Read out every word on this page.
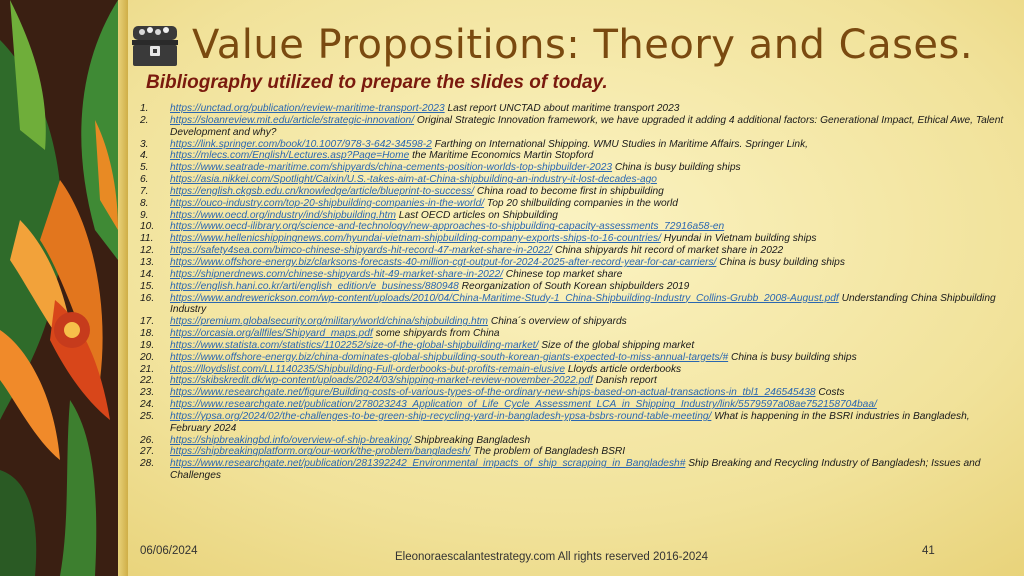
Value Propositions: Theory and Cases.
Bibliography utilized to prepare the slides of today.
1. https://unctad.org/publication/review-maritime-transport-2023 Last report UNCTAD about maritime transport 2023
2. https://sloanreview.mit.edu/article/strategic-innovation/ Original Strategic Innovation framework, we have upgraded it adding 4 additional factors: Generational Impact, Ethical Awe, Talent Development and why?
3. https://link.springer.com/book/10.1007/978-3-642-34598-2 Farthing on International Shipping. WMU Studies in Maritime Affairs. Springer Link,
4. https://mlecs.com/English/Lectures.asp?Page=Home the Maritime Economics Martin Stopford
5. https://www.seatrade-maritime.com/shipyards/china-cements-position-worlds-top-shipbuilder-2023 China is busy building ships
6. https://asia.nikkei.com/Spotlight/Caixin/U.S.-takes-aim-at-China-shipbuilding-an-industry-it-lost-decades-ago
7. https://english.ckgsb.edu.cn/knowledge/article/blueprint-to-success/ China road to become first in shipbuilding
8. https://ouco-industry.com/top-20-shipbuilding-companies-in-the-world/ Top 20 shilbuilding companies in the world
9. https://www.oecd.org/industry/ind/shipbuilding.htm Last OECD articles on Shipbuilding
10. https://www.oecd-ilibrary.org/science-and-technology/new-approaches-to-shipbuilding-capacity-assessments_72916a58-en
11. https://www.hellenicshippingnews.com/hyundai-vietnam-shipbuilding-company-exports-ships-to-16-countries/ Hyundai in Vietnam building ships
12. https://safety4sea.com/bimco-chinese-shipyards-hit-record-47-market-share-in-2022/ China shipyards hit record of market share in 2022
13. https://www.offshore-energy.biz/clarksons-forecasts-40-million-cgt-output-for-2024-2025-after-record-year-for-car-carriers/ China is busy building ships
14. https://shipnerdnews.com/chinese-shipyards-hit-49-market-share-in-2022/ Chinese top market share
15. https://english.hani.co.kr/arti/english_edition/e_business/880948 Reorganization of South Korean shipbuilders 2019
16. https://www.andrewerickson.com/wp-content/uploads/2010/04/China-Maritime-Study-1_China-Shipbuilding-Industry_Collins-Grubb_2008-August.pdf Understanding China Shipbuilding Industry
17. https://premium.globalsecurity.org/military/world/china/shipbuilding.htm China´s overview of shipyards
18. https://orcasia.org/allfiles/Shipyard_maps.pdf some shipyards from China
19. https://www.statista.com/statistics/1102252/size-of-the-global-shipbuilding-market/ Size of the global shipping market
20. https://www.offshore-energy.biz/china-dominates-global-shipbuilding-south-korean-giants-expected-to-miss-annual-targets/# China is busy building ships
21. https://lloydslist.com/LL1140235/Shipbuilding-Full-orderbooks-but-profits-remain-elusive Lloyds article orderbooks
22. https://skibskredit.dk/wp-content/uploads/2024/03/shipping-market-review-november-2022.pdf Danish report
23. https://www.researchgate.net/figure/Building-costs-of-various-types-of-the-ordinary-new-ships-based-on-actual-transactions-in_tbl1_246545438 Costs
24. https://www.researchgate.net/publication/278023243_Application_of_Life_Cycle_Assessment_LCA_in_Shipping_Industry/link/5579597a08ae752158704baa/
25. https://ypsa.org/2024/02/the-challenges-to-be-green-ship-recycling-yard-in-bangladesh-ypsa-bsbrs-round-table-meeting/ What is happening in the BSRI industries in Bangladesh, February 2024
26. https://shipbreakingbd.info/overview-of-ship-breaking/ Shipbreaking Bangladesh
27. https://shipbreakingplatform.org/our-work/the-problem/bangladesh/ The problem of Bangladesh BSRI
28. https://www.researchgate.net/publication/281392242_Environmental_impacts_of_ship_scrapping_in_Bangladesh# Ship Breaking and Recycling Industry of Bangladesh; Issues and Challenges
06/06/2024	Eleonoraescalantestrategy.com All rights reserved 2016-2024	41
